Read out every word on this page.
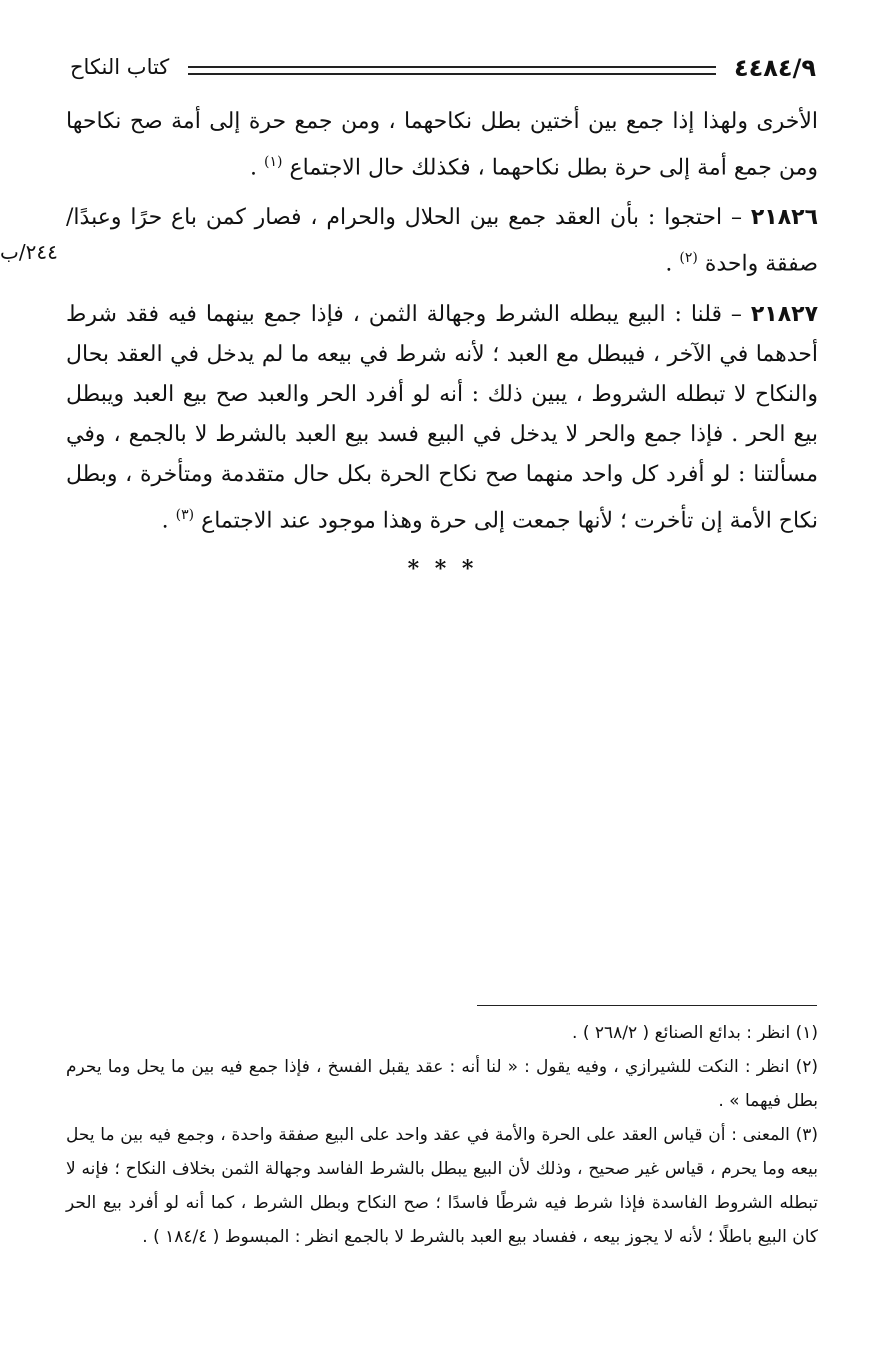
٤٤٨٤/٩
كتاب النكاح
٢٤٤/ب

الأخرى ولهذا إذا جمع بين أختين بطل نكاحهما ، ومن جمع حرة إلى أمة صح نكاحها ومن جمع أمة إلى حرة بطل نكاحهما ، فكذلك حال الاجتماع $^{(١)}$ .

٢١٨٢٦ – احتجوا : بأن العقد جمع بين الحلال والحرام ، فصار كمن باع حرًا وعبدًا/ صفقة واحدة $^{(٢)}$ .

٢١٨٢٧ – قلنا : البيع يبطله الشرط وجهالة الثمن ، فإذا جمع بينهما فيه فقد شرط أحدهما في الآخر ، فيبطل مع العبد ؛ لأنه شرط في بيعه ما لم يدخل في العقد بحال والنكاح لا تبطله الشروط ، يبين ذلك : أنه لو أفرد الحر والعبد صح بيع العبد ويبطل بيع الحر . فإذا جمع والحر لا يدخل في البيع فسد بيع العبد بالشرط لا بالجمع ، وفي مسألتنا : لو أفرد كل واحد منهما صح نكاح الحرة بكل حال متقدمة ومتأخرة ، وبطل نكاح الأمة إن تأخرت ؛ لأنها جمعت إلى حرة وهذا موجود عند الاجتماع $^{(٣)}$ .

* * *

(١) انظر : بدائع الصنائع ( ٢٦٨/٢ ) .

(٢) انظر : النكت للشيرازي ، وفيه يقول : « لنا أنه : عقد يقبل الفسخ ، فإذا جمع فيه بين ما يحل وما يحرم بطل فيهما » .

(٣) المعنى : أن قياس العقد على الحرة والأمة في عقد واحد على البيع صفقة واحدة ، وجمع فيه بين ما يحل بيعه وما يحرم ، قياس غير صحيح ، وذلك لأن البيع يبطل بالشرط الفاسد وجهالة الثمن بخلاف النكاح ؛ فإنه لا تبطله الشروط الفاسدة فإذا شرط فيه شرطًا فاسدًا ؛ صح النكاح وبطل الشرط ، كما أنه لو أفرد بيع الحر كان البيع باطلًا ؛ لأنه لا يجوز بيعه ، ففساد بيع العبد بالشرط لا بالجمع انظر : المبسوط ( ١٨٤/٤ ) .
